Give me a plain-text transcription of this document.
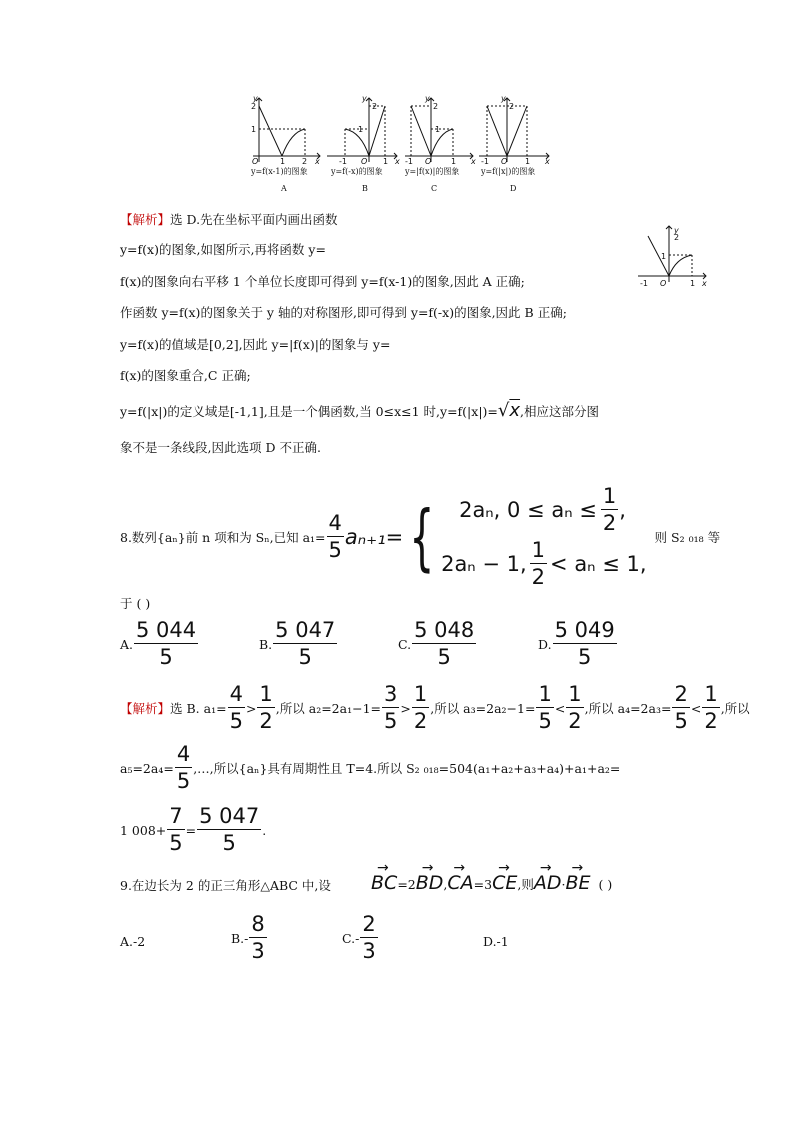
y
2
1
O	1 2 x
y
2
1
-1 O 1 x
y
2
1
-1 O 1 x
y
2
-1 O 1 x
y=f(x-1)的图象	y=f(-x)的图象	y=|f(x)|的图象	y=f(|x|)的图象
A	B	C	D
【解析】选 D.先在坐标平面内画出函数
y=f(x)的图象,如图所示,再将函数 y=
f(x)的图象向右平移 1 个单位长度即可得到 y=f(x-1)的图象,因此 A 正确;
作函数 y=f(x)的图象关于 y 轴的对称图形,即可得到 y=f(-x)的图象,因此 B 正确;
y=f(x)的值域是[0,2],因此 y=|f(x)|的图象与 y=
f(x)的图象重合,C 正确;
y=f(|x|)的定义域是[-1,1],且是一个偶函数,当 0≤x≤1 时,y=f(|x|)=√x,相应这部分图
象不是一条线段,因此选项 D 不正确.
y
2
1
-1 O	1 x
8.数列{aₙ}前 n 项和为 Sₙ,已知 $a_1= \frac{4}{5} a_{n+1}=$ { 2aₙ, $0 \le a_n \le \frac{1}{2}$ ,
2aₙ − 1, $\frac{1}{2} < a_n \le 1$,
则 S₂ ₀₁₈ 等
于 ( )
A. $\frac{5 044}{5}$	B. $\frac{5 047}{5}$	C. $\frac{5 048}{5}$	D. $\frac{5 049}{5}$
【解析】 选 B. $a_1= \frac{4}{5} > \frac{1}{2}$ ,所以 $a_2=2a_1-1= \frac{3}{5} > \frac{1}{2}$ ,所以 $a_3=2a_2-1= \frac{1}{5} < \frac{1}{2}$ ,所以 $a_4=2a_3= \frac{2}{5} < \frac{1}{2}$ ,所以
$a_5=2a_4= \frac{4}{5}$ ,…,所以{aₙ}具有周期性且 T=4.所以 S₂ ₀₁₈=504(a₁+a₂+a₃+a₄)+a₁+a₂=
1 $008+ \frac{7}{5} = \frac{5 047}{5}$ .
9.在边长为 2 的正三角形△ABC 中,设 BC
→
=2 BD
→
, CA
→
=3 CE
→
,则 AD
→
· BE
→
( )
A.-2	$B.- \frac{8}{3}$	$C.- \frac{2}{3}$	D.-1
